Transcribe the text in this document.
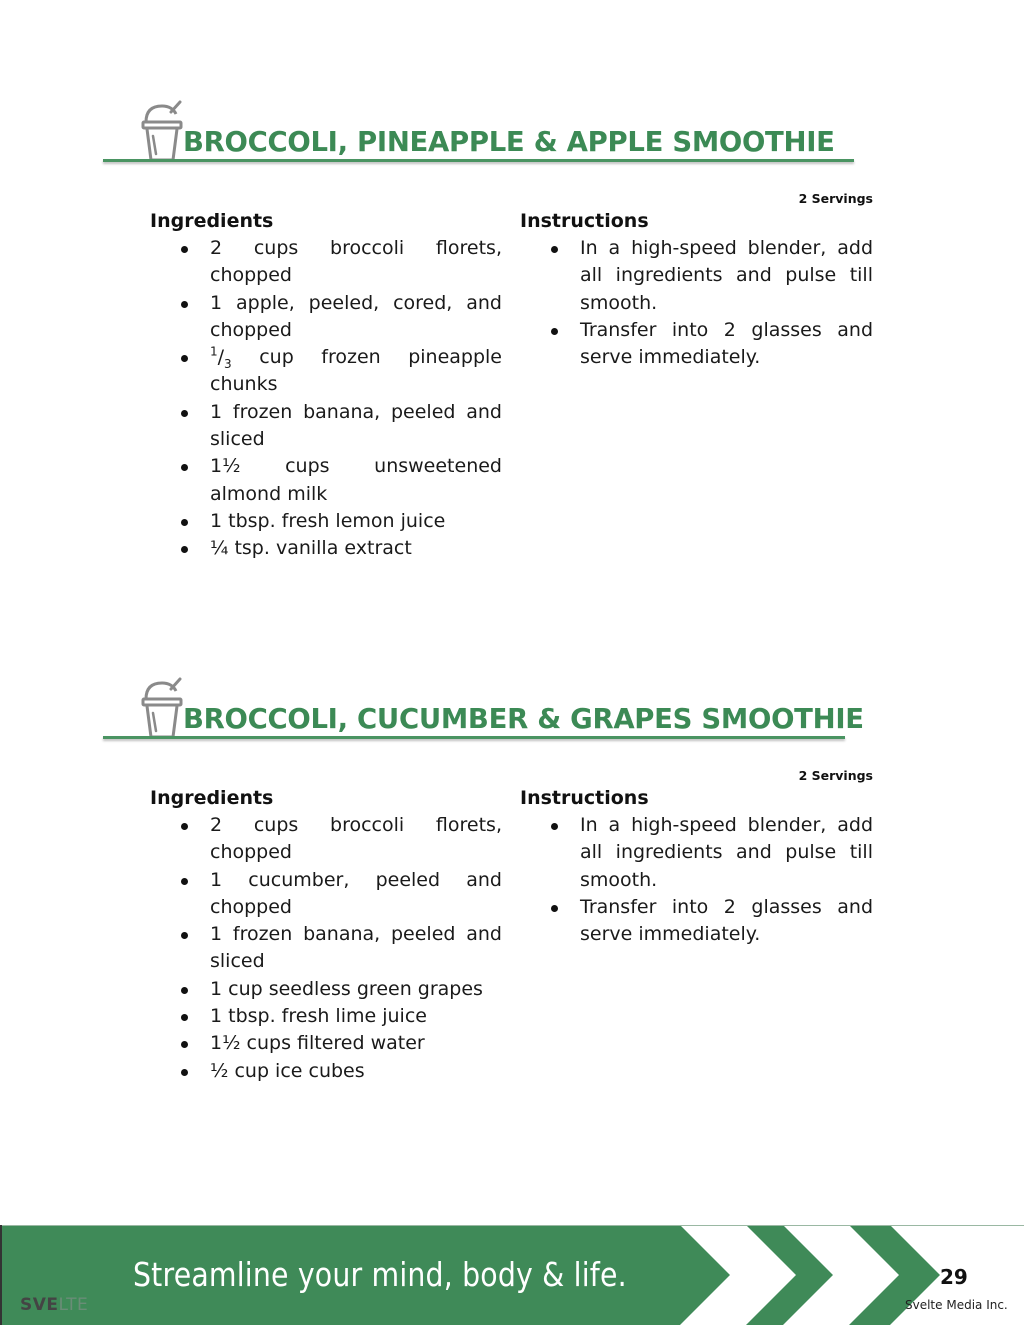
BROCCOLI, PINEAPPLE & APPLE SMOOTHIE
2 Servings
Ingredients
2 cups broccoli florets, chopped
1 apple, peeled, cored, and chopped
$^1/_3$ cup frozen pineapple chunks
1 frozen banana, peeled and sliced
1½ cups unsweetened almond milk
1 tbsp. fresh lemon juice
¼ tsp. vanilla extract
Instructions
In a high-speed blender, add all ingredients and pulse till smooth.
Transfer into 2 glasses and serve immediately.
BROCCOLI, CUCUMBER & GRAPES SMOOTHIE
2 Servings
Ingredients
2 cups broccoli florets, chopped
1 cucumber, peeled and chopped
1 frozen banana, peeled and sliced
1 cup seedless green grapes
1 tbsp. fresh lime juice
1½ cups filtered water
½ cup ice cubes
Instructions
In a high-speed blender, add all ingredients and pulse till smooth.
Transfer into 2 glasses and serve immediately.
Streamline your mind, body & life.
SVELTE
29
Svelte Media Inc.
